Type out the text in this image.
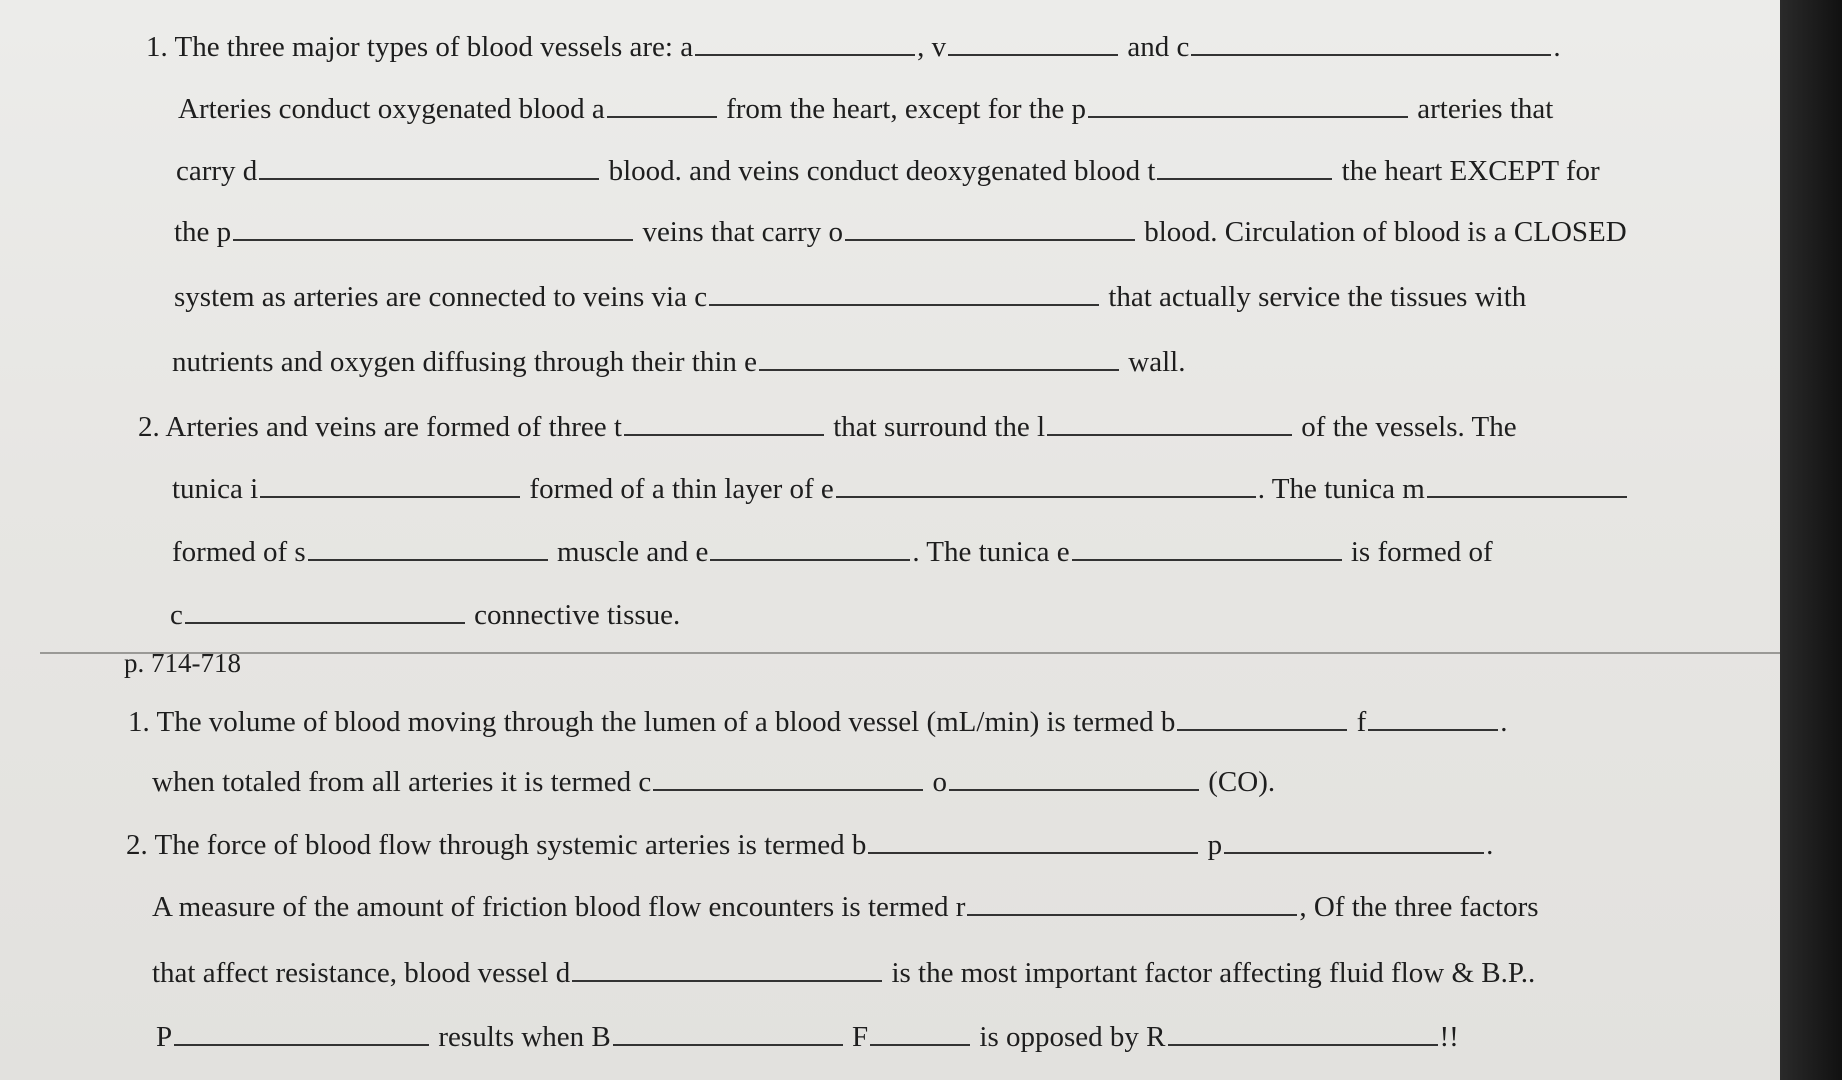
1. The three major types of blood vessels are: a	, v	and c	.
Arteries conduct oxygenated blood a	from the heart, except for the p	arteries that
carry d	blood. and veins conduct deoxygenated blood t	the heart EXCEPT for
the p	veins that carry o	blood. Circulation of blood is a CLOSED
system as arteries are connected to veins via c	that actually service the tissues with
nutrients and oxygen diffusing through their thin e	wall.
2. Arteries and veins are formed of three t	that surround the l	of the vessels. The
tunica i	formed of a thin layer of e	. The tunica m
formed of s	muscle and e	. The tunica e	is formed of
c	connective tissue.
p. 714-718
1. The volume of blood moving through the lumen of a blood vessel (mL/min) is termed b	f	.
when totaled from all arteries it is termed c	o	(CO).
2. The force of blood flow through systemic arteries is termed b	p	.
A measure of the amount of friction blood flow encounters is termed r	, Of the three factors
that affect resistance, blood vessel d	is the most important factor affecting fluid flow & B.P..
P	results when B	F	is opposed by R	!!
